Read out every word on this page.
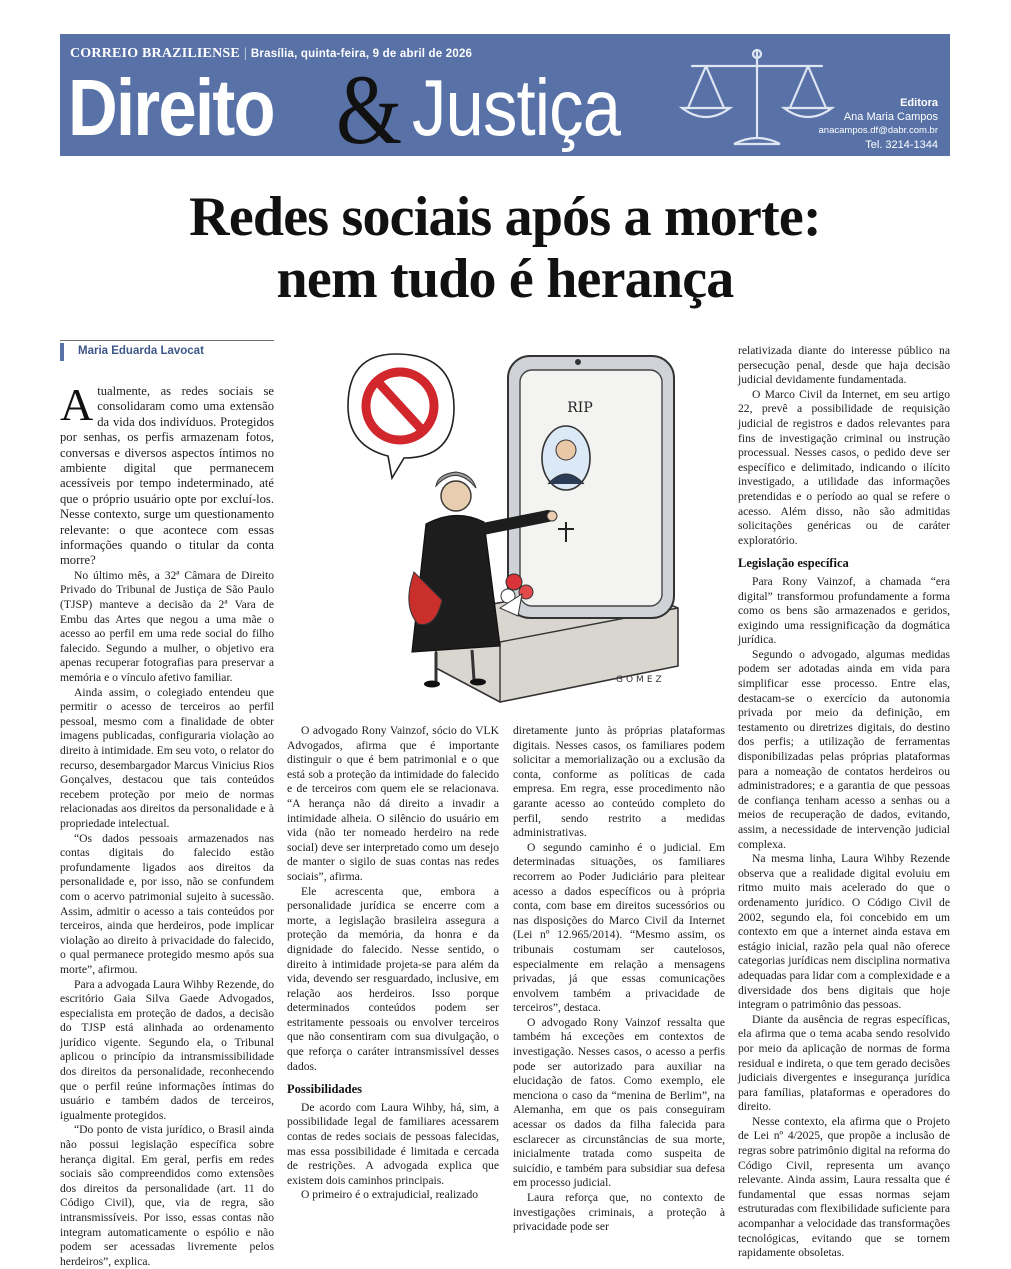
CORREIO BRAZILIENSE | Brasília, quinta-feira, 9 de abril de 2026
Direito & Justiça	Editora
Ana Maria Campos
anacampos.df@dabr.com.br
Tel. 3214-1344
Redes sociais após a morte:
nem tudo é herança
Maria Eduarda Lavocat

Atualmente, as redes sociais se consolidaram como uma extensão da vida dos indivíduos. Protegidos por senhas, os perfis armazenam fotos, conversas e diversos aspectos íntimos no ambiente digital que permanecem acessíveis por tempo indeterminado, até que o próprio usuário opte por excluí-los. Nesse contexto, surge um questionamento relevante: o que acontece com essas informações quando o titular da conta morre?

No último mês, a 32ª Câmara de Direito Privado do Tribunal de Justiça de São Paulo (TJSP) manteve a decisão da 2ª Vara de Embu das Artes que negou a uma mãe o acesso ao perfil em uma rede social do filho falecido. Segundo a mulher, o objetivo era apenas recuperar fotografias para preservar a memória e o vínculo afetivo familiar.

Ainda assim, o colegiado entendeu que permitir o acesso de terceiros ao perfil pessoal, mesmo com a finalidade de obter imagens publicadas, configuraria violação ao direito à intimidade. Em seu voto, o relator do recurso, desembargador Marcus Vinicius Rios Gonçalves, destacou que tais conteúdos recebem proteção por meio de normas relacionadas aos direitos da personalidade e à propriedade intelectual.

“Os dados pessoais armazenados nas contas digitais do falecido estão profundamente ligados aos direitos da personalidade e, por isso, não se confundem com o acervo patrimonial sujeito à sucessão. Assim, admitir o acesso a tais conteúdos por terceiros, ainda que herdeiros, pode implicar violação ao direito à privacidade do falecido, o qual permanece protegido mesmo após sua morte”, afirmou.

Para a advogada Laura Wihby Rezende, do escritório Gaia Silva Gaede Advogados, especialista em proteção de dados, a decisão do TJSP está alinhada ao ordenamento jurídico vigente. Segundo ela, o Tribunal aplicou o princípio da intransmissibilidade dos direitos da personalidade, reconhecendo que o perfil reúne informações íntimas do usuário e também dados de terceiros, igualmente protegidos.

“Do ponto de vista jurídico, o Brasil ainda não possui legislação específica sobre herança digital. Em geral, perfis em redes sociais são compreendidos como extensões dos direitos da personalidade (art. 11 do Código Civil), que, via de regra, são intransmissíveis. Por isso, essas contas não integram automaticamente o espólio e não podem ser acessadas livremente pelos herdeiros”, explica.

RIP
GOMEZ

O advogado Rony Vainzof, sócio do VLK Advogados, afirma que é importante distinguir o que é bem patrimonial e o que está sob a proteção da intimidade do falecido e de terceiros com quem ele se relacionava. “A herança não dá direito a invadir a intimidade alheia. O silêncio do usuário em vida (não ter nomeado herdeiro na rede social) deve ser interpretado como um desejo de manter o sigilo de suas contas nas redes sociais”, afirma.

Ele acrescenta que, embora a personalidade jurídica se encerre com a morte, a legislação brasileira assegura a proteção da memória, da honra e da dignidade do falecido. Nesse sentido, o direito à intimidade projeta-se para além da vida, devendo ser resguardado, inclusive, em relação aos herdeiros. Isso porque determinados conteúdos podem ser estritamente pessoais ou envolver terceiros que não consentiram com sua divulgação, o que reforça o caráter intransmissível desses dados.

Possibilidades

De acordo com Laura Wihby, há, sim, a possibilidade legal de familiares acessarem contas de redes sociais de pessoas falecidas, mas essa possibilidade é limitada e cercada de restrições. A advogada explica que existem dois caminhos principais.

O primeiro é o extrajudicial, realizado

diretamente junto às próprias plataformas digitais. Nesses casos, os familiares podem solicitar a memorialização ou a exclusão da conta, conforme as políticas de cada empresa. Em regra, esse procedimento não garante acesso ao conteúdo completo do perfil, sendo restrito a medidas administrativas.

O segundo caminho é o judicial. Em determinadas situações, os familiares recorrem ao Poder Judiciário para pleitear acesso a dados específicos ou à própria conta, com base em direitos sucessórios ou nas disposições do Marco Civil da Internet (Lei nº 12.965/2014). “Mesmo assim, os tribunais costumam ser cautelosos, especialmente em relação a mensagens privadas, já que essas comunicações envolvem também a privacidade de terceiros”, destaca.

O advogado Rony Vainzof ressalta que também há exceções em contextos de investigação. Nesses casos, o acesso a perfis pode ser autorizado para auxiliar na elucidação de fatos. Como exemplo, ele menciona o caso da “menina de Berlim”, na Alemanha, em que os pais conseguiram acessar os dados da filha falecida para esclarecer as circunstâncias de sua morte, inicialmente tratada como suspeita de suicídio, e também para subsidiar sua defesa em processo judicial.

Laura reforça que, no contexto de investigações criminais, a proteção à privacidade pode ser

relativizada diante do interesse público na persecução penal, desde que haja decisão judicial devidamente fundamentada.

O Marco Civil da Internet, em seu artigo 22, prevê a possibilidade de requisição judicial de registros e dados relevantes para fins de investigação criminal ou instrução processual. Nesses casos, o pedido deve ser específico e delimitado, indicando o ilícito investigado, a utilidade das informações pretendidas e o período ao qual se refere o acesso. Além disso, não são admitidas solicitações genéricas ou de caráter exploratório.

Legislação específica

Para Rony Vainzof, a chamada “era digital” transformou profundamente a forma como os bens são armazenados e geridos, exigindo uma ressignificação da dogmática jurídica.

Segundo o advogado, algumas medidas podem ser adotadas ainda em vida para simplificar esse processo. Entre elas, destacam-se o exercício da autonomia privada por meio da definição, em testamento ou diretrizes digitais, do destino dos perfis; a utilização de ferramentas disponibilizadas pelas próprias plataformas para a nomeação de contatos herdeiros ou administradores; e a garantia de que pessoas de confiança tenham acesso a senhas ou a meios de recuperação de dados, evitando, assim, a necessidade de intervenção judicial complexa.

Na mesma linha, Laura Wihby Rezende observa que a realidade digital evoluiu em ritmo muito mais acelerado do que o ordenamento jurídico. O Código Civil de 2002, segundo ela, foi concebido em um contexto em que a internet ainda estava em estágio inicial, razão pela qual não oferece categorias jurídicas nem disciplina normativa adequadas para lidar com a complexidade e a diversidade dos bens digitais que hoje integram o patrimônio das pessoas.

Diante da ausência de regras específicas, ela afirma que o tema acaba sendo resolvido por meio da aplicação de normas de forma residual e indireta, o que tem gerado decisões judiciais divergentes e insegurança jurídica para famílias, plataformas e operadores do direito.

Nesse contexto, ela afirma que o Projeto de Lei nº 4/2025, que propõe a inclusão de regras sobre patrimônio digital na reforma do Código Civil, representa um avanço relevante. Ainda assim, Laura ressalta que é fundamental que essas normas sejam estruturadas com flexibilidade suficiente para acompanhar a velocidade das transformações tecnológicas, evitando que se tornem rapidamente obsoletas.
